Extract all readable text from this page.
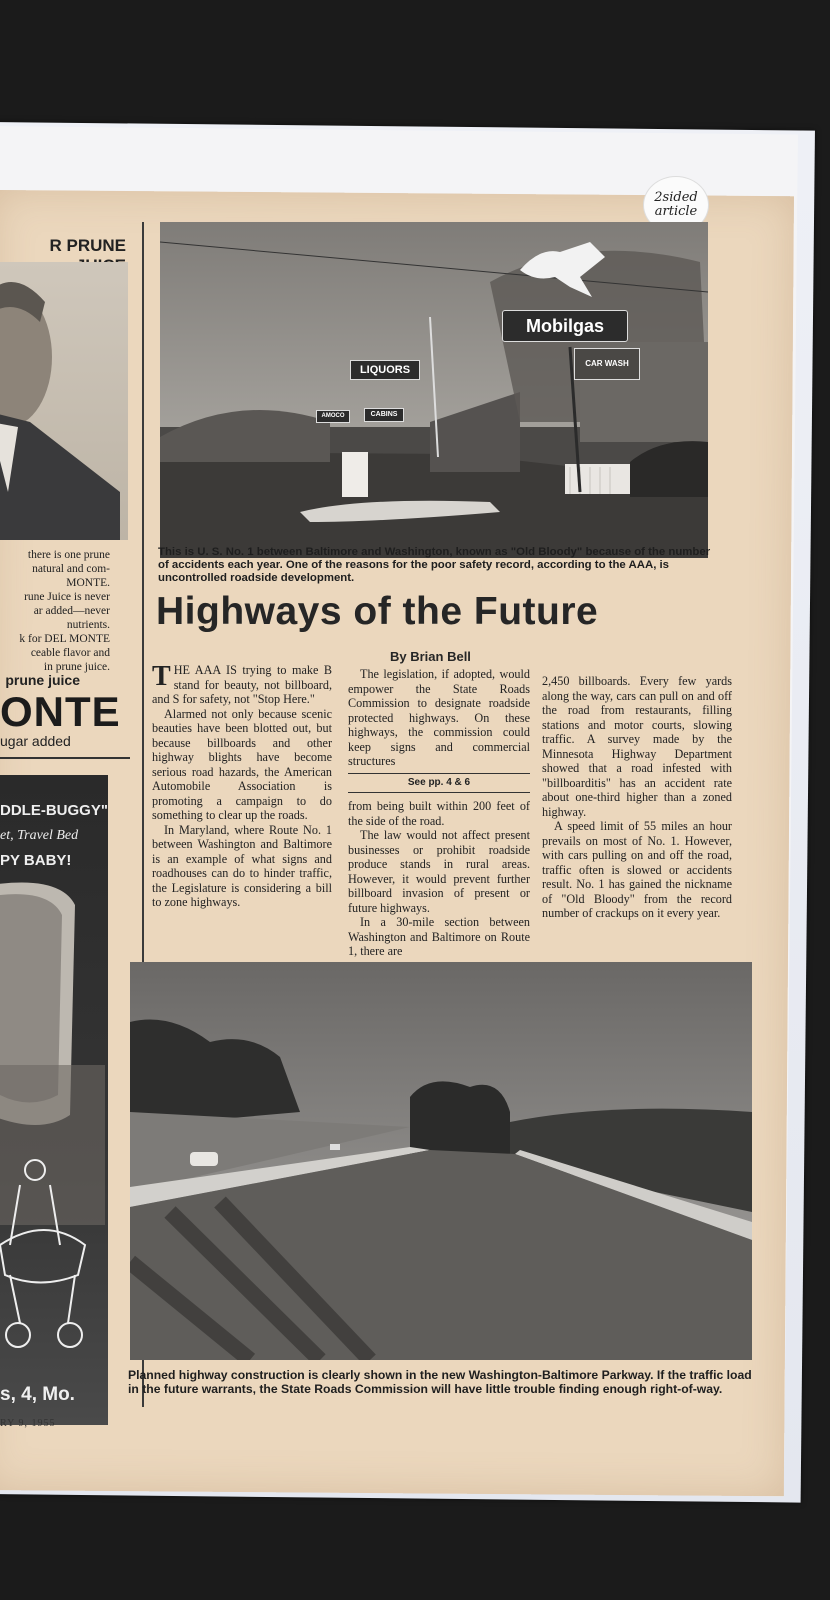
2sided
article
R PRUNE
there is one prune
natural and com-
MONTE.
rune Juice is never
ar added—never
nutrients.
k for DEL MONTE
ceable flavor and
in prune juice.
prune juice
ONTE
ugar added
DDLE-BUGGY"
et, Travel Bed
PY BABY!
s, 4, Mo.
RY 9, 1955
Mobilgas
LIQUORS
CABINS
AMOCO
CAR WASH
This is U. S. No. 1 between Baltimore and Washington, known as "Old Bloody" because of the number of accidents each year. One of the reasons for the poor safety record, according to the AAA, is uncontrolled roadside development.
Highways of the Future
By Brian Bell

THE AAA IS trying to make B stand for beauty, not billboard, and S for safety, not "Stop Here."

Alarmed not only because scenic beauties have been blotted out, but because billboards and other highway blights have become serious road hazards, the American Automobile Association is promoting a campaign to do something to clear up the roads.

In Maryland, where Route No. 1 between Washington and Baltimore is an example of what signs and roadhouses can do to hinder traffic, the Legislature is considering a bill to zone highways.

The legislation, if adopted, would empower the State Roads Commission to designate roadside protected highways. On these highways, the commission could keep signs and commercial structures

See pp. 4 & 6

from being built within 200 feet of the side of the road.

The law would not affect present businesses or prohibit roadside produce stands in rural areas. However, it would prevent further billboard invasion of present or future highways.

In a 30-mile section between Washington and Baltimore on Route 1, there are

2,450 billboards. Every few yards along the way, cars can pull on and off the road from restaurants, filling stations and motor courts, slowing traffic. A survey made by the Minnesota Highway Department showed that a road infested with "billboarditis" has an accident rate about one-third higher than a zoned highway.

A speed limit of 55 miles an hour prevails on most of No. 1. However, with cars pulling on and off the road, traffic often is slowed or accidents result. No. 1 has gained the nickname of "Old Bloody" from the record number of crackups on it every year.

Planned highway construction is clearly shown in the new Washington-Baltimore Parkway. If the traffic load in the future warrants, the State Roads Commission will have little trouble finding enough right-of-way.
